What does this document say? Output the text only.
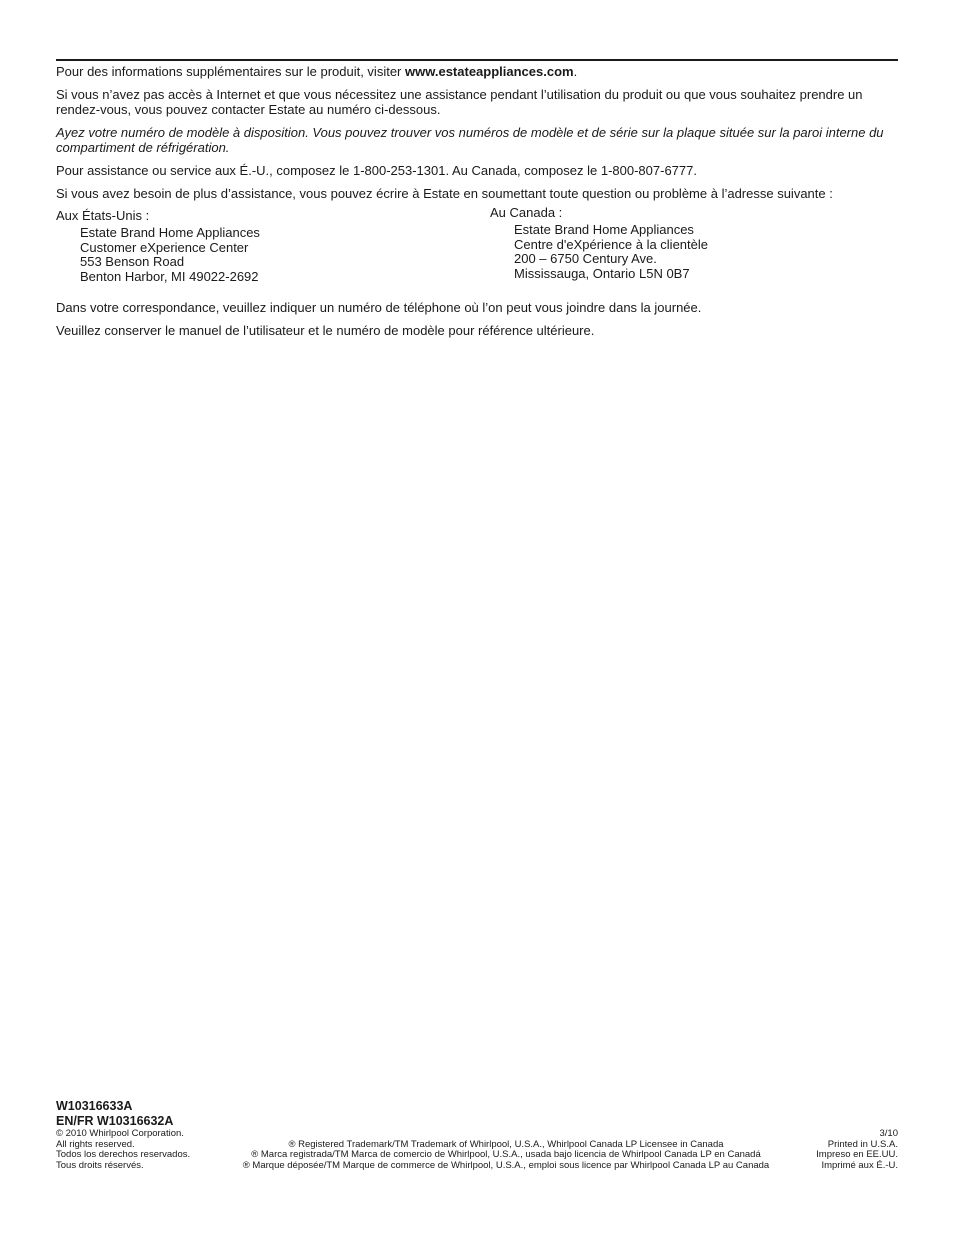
Pour des informations supplémentaires sur le produit, visiter www.estateappliances.com.

Si vous n’avez pas accès à Internet et que vous nécessitez une assistance pendant l’utilisation du produit ou que vous souhaitez prendre un rendez-vous, vous pouvez contacter Estate au numéro ci-dessous.

Ayez votre numéro de modèle à disposition. Vous pouvez trouver vos numéros de modèle et de série sur la plaque située sur la paroi interne du compartiment de réfrigération.

Pour assistance ou service aux É.-U., composez le 1-800-253-1301. Au Canada, composez le 1-800-807-6777.

Si vous avez besoin de plus d’assistance, vous pouvez écrire à Estate en soumettant toute question ou problème à l’adresse suivante :

Aux États-Unis :

Estate Brand Home Appliances
Customer eXperience Center
553 Benson Road
Benton Harbor, MI 49022-2692

Au Canada :

Estate Brand Home Appliances
Centre d'eXpérience à la clientèle
200 – 6750 Century Ave.
Mississauga, Ontario L5N 0B7

Dans votre correspondance, veuillez indiquer un numéro de téléphone où l’on peut vous joindre dans la journée.

Veuillez conserver le manuel de l’utilisateur et le numéro de modèle pour référence ultérieure.

W10316633A
EN/FR W10316632A
© 2010 Whirlpool Corporation.	3/10
All rights reserved.	® Registered Trademark/TM Trademark of Whirlpool, U.S.A., Whirlpool Canada LP Licensee in Canada	Printed in U.S.A.
Todos los derechos reservados.	® Marca registrada/TM Marca de comercio de Whirlpool, U.S.A., usada bajo licencia de Whirlpool Canada LP en Canadá	Impreso en EE.UU.
Tous droits réservés.	® Marque déposée/TM Marque de commerce de Whirlpool, U.S.A., emploi sous licence par Whirlpool Canada LP au Canada	Imprimé aux É.-U.
